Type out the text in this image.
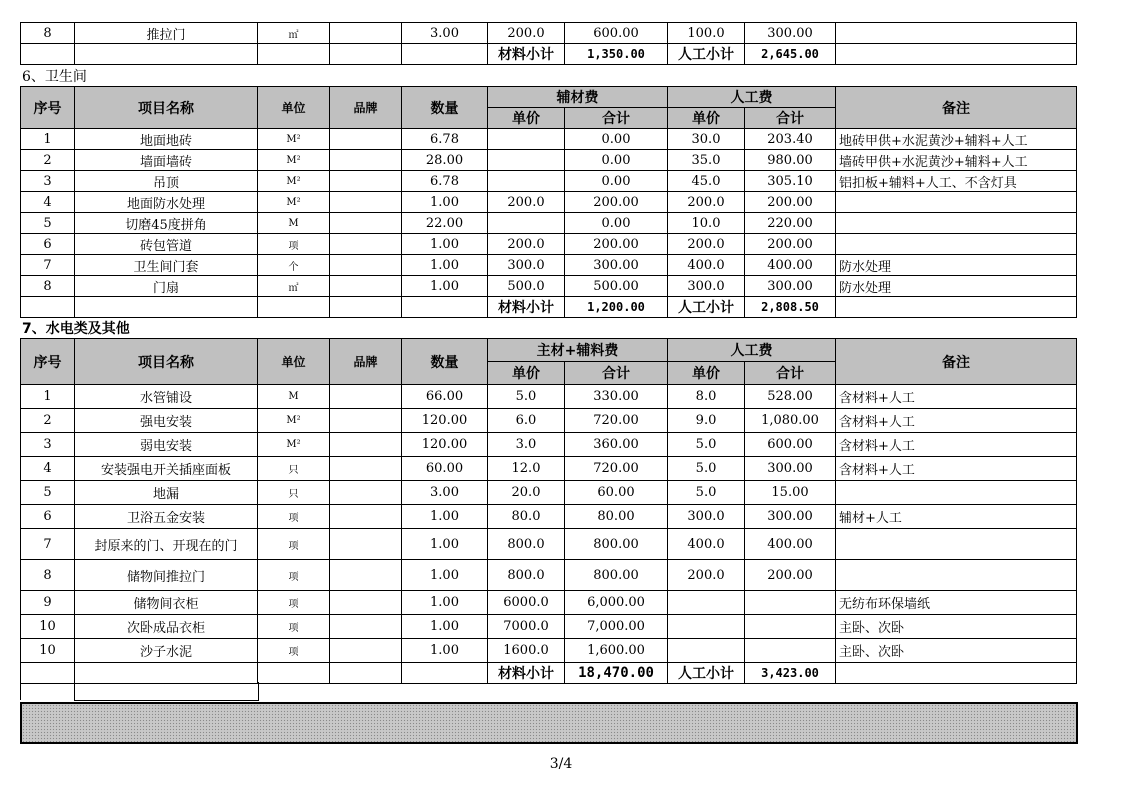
8	推拉门	㎡		3.00	200.0	600.00	100.0	300.00	
					材料小计	1,350.00	人工小计	2,645.00	
6、卫生间
序号	项目名称	单位	品牌	数量	辅材费		人工费		备注
					单价	合计	单价	合计	
1	地面地砖	M²		6.78		0.00	30.0	203.40	地砖甲供+水泥黄沙+辅料+人工
2	墙面墙砖	M²		28.00		0.00	35.0	980.00	墙砖甲供+水泥黄沙+辅料+人工
3	吊顶	M²		6.78		0.00	45.0	305.10	铝扣板+辅料+人工、不含灯具
4	地面防水处理	M²		1.00	200.0	200.00	200.0	200.00	
5	切磨45度拼角	M		22.00		0.00	10.0	220.00	
6	砖包管道	项		1.00	200.0	200.00	200.0	200.00	
7	卫生间门套	个		1.00	300.0	300.00	400.0	400.00	防水处理
8	门扇	㎡		1.00	500.0	500.00	300.0	300.00	防水处理
					材料小计	1,200.00	人工小计	2,808.50	
7、水电类及其他
序号	项目名称	单位	品牌	数量	主材+辅料费		人工费		备注
					单价	合计	单价	合计	
1	水管铺设	M		66.00	5.0	330.00	8.0	528.00	含材料+人工
2	强电安装	M²		120.00	6.0	720.00	9.0	1,080.00	含材料+人工
3	弱电安装	M²		120.00	3.0	360.00	5.0	600.00	含材料+人工
4	安装强电开关插座面板	只		60.00	12.0	720.00	5.0	300.00	含材料+人工
5	地漏	只		3.00	20.0	60.00	5.0	15.00	
6	卫浴五金安装	项		1.00	80.0	80.00	300.0	300.00	辅材+人工
7	封原来的门、开现在的门	项		1.00	800.0	800.00	400.0	400.00	
8	储物间推拉门	项		1.00	800.0	800.00	200.0	200.00	
9	储物间衣柜	项		1.00	6000.0	6,000.00			无纺布环保墙纸
10	次卧成品衣柜	项		1.00	7000.0	7,000.00			主卧、次卧
10	沙子水泥	项		1.00	1600.0	1,600.00			主卧、次卧
					材料小计	18,470.00	人工小计	3,423.00	
3/4
